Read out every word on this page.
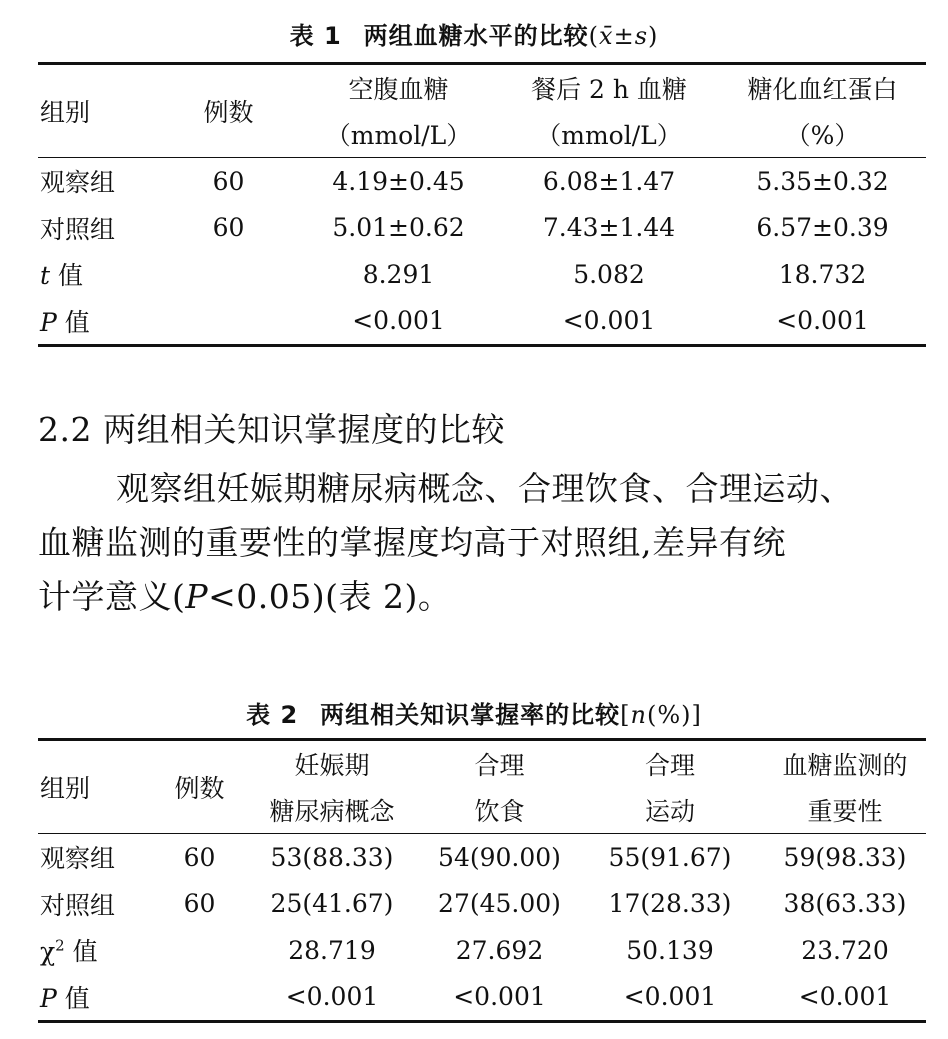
表 1 两组血糖水平的比较(x̄±s)
组别	例数	空腹血糖	餐后 2 h 血糖	糖化血红蛋白
		（mmol/L）	（mmol/L）	（%）
观察组	60	4.19±0.45	6.08±1.47	5.35±0.32
对照组	60	5.01±0.62	7.43±1.44	6.57±0.39
t 值		8.291	5.082	18.732
P 值		<0.001	<0.001	<0.001
2.2 两组相关知识掌握度的比较
观察组妊娠期糖尿病概念、合理饮食、合理运动、
血糖监测的重要性的掌握度均高于对照组,差异有统
计学意义(P<0.05)(表 2)。
表 2 两组相关知识掌握率的比较[n(%)]
组别	例数	妊娠期	合理	合理	血糖监测的
		糖尿病概念	饮食	运动	重要性
观察组	60	53(88.33)	54(90.00)	55(91.67)	59(98.33)
对照组	60	25(41.67)	27(45.00)	17(28.33)	38(63.33)
$\chi^2$ 值		28.719	27.692	50.139	23.720
P 值		<0.001	<0.001	<0.001	<0.001
